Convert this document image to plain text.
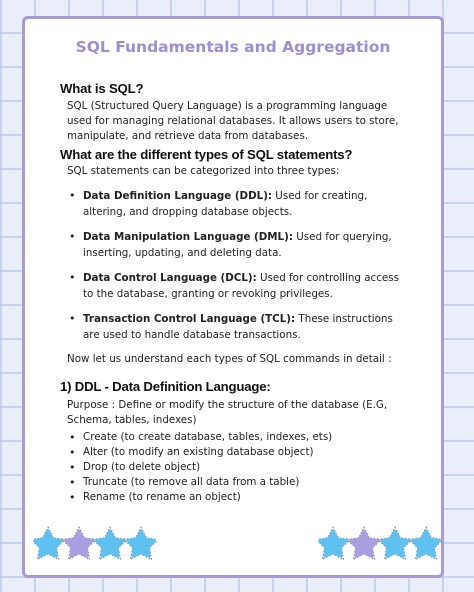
SQL Fundamentals and Aggregation
What is SQL?
SQL (Structured Query Language) is a programming language
used for managing relational databases. It allows users to store,
manipulate, and retrieve data from databases.
What are the different types of SQL statements?
SQL statements can be categorized into three types:
• Data Definition Language (DDL): Used for creating,
altering, and dropping database objects.
• Data Manipulation Language (DML): Used for querying,
inserting, updating, and deleting data.
• Data Control Language (DCL): Used for controlling access
to the database, granting or revoking privileges.
• Transaction Control Language (TCL): These instructions
are used to handle database transactions.
Now let us understand each types of SQL commands in detail :
1) DDL - Data Definition Language:
Purpose : Define or modify the structure of the database (E.G,
Schema, tables, indexes)
• Create (to create database, tables, indexes, ets)
• Alter (to modify an existing database object)
• Drop (to delete object)
• Truncate (to remove all data from a table)
• Rename (to rename an object)
